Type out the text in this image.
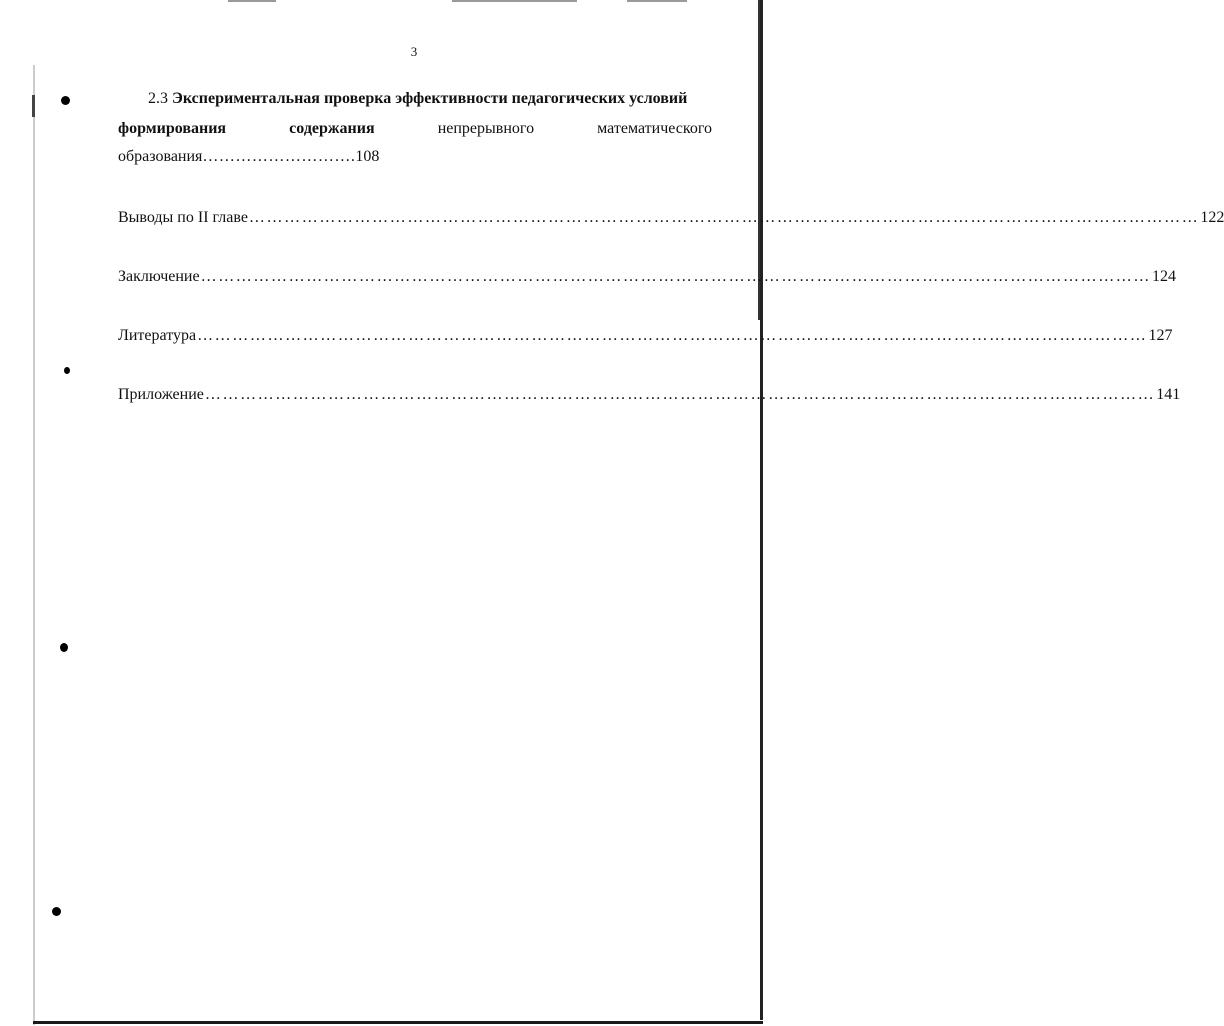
3
2.3 Экспериментальная проверка эффективности педагогических условий
формирования	содержания	непрерывного	математического
образования……………………….108
Выводы по II главе ……………………………………………………………………………………………………………………………………………… 122
Заключение ……………………………………………………………………………………………………………………………………………… 124
Литература ……………………………………………………………………………………………………………………………………………… 127
Приложение ……………………………………………………………………………………………………………………………………………… 141
